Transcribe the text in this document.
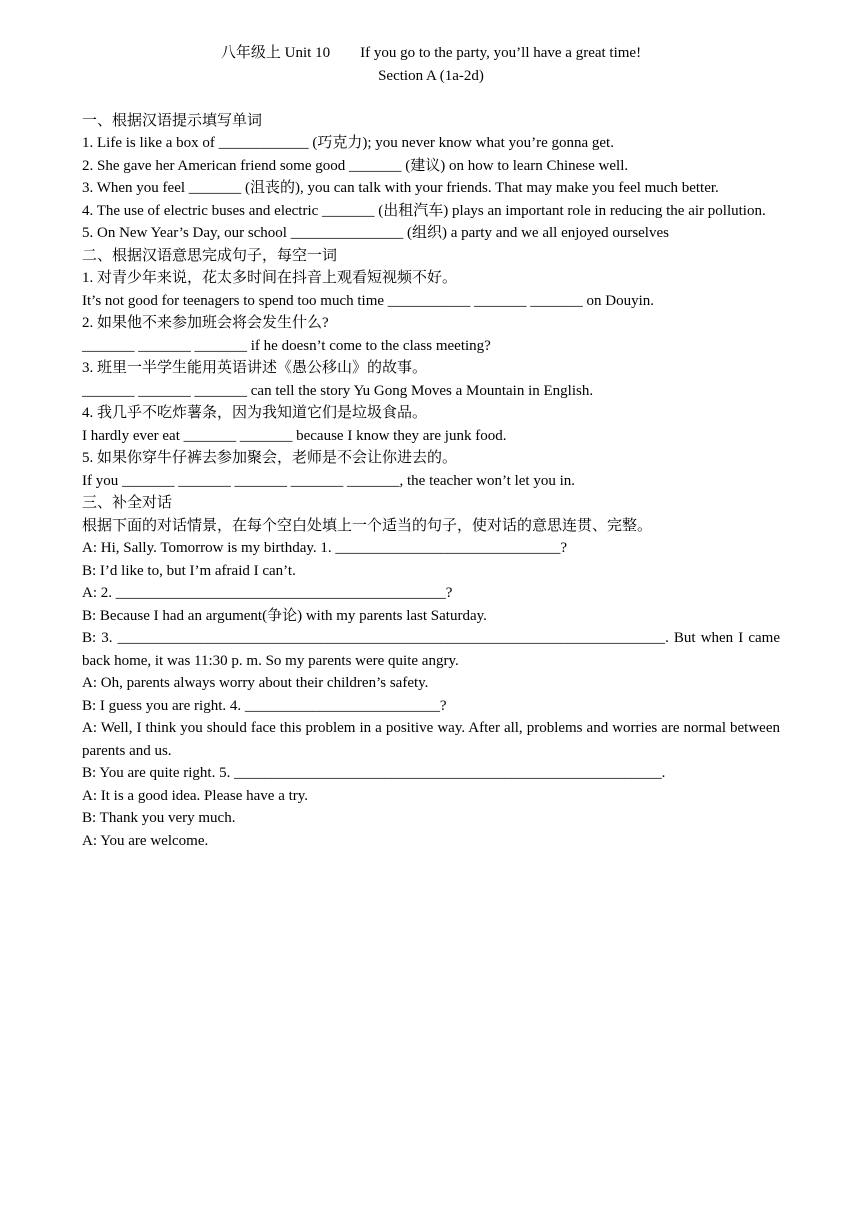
八年级上 Unit 10        If you go to the party, you’ll have a great time!
Section A (1a-2d)
一、根据汉语提示填写单词
1. Life is like a box of ____________ (巧克力); you never know what you’re gonna get.
2. She gave her American friend some good _______ (建议) on how to learn Chinese well.
3. When you feel _______ (沮丧的), you can talk with your friends. That may make you feel much better.
4. The use of electric buses and electric _______ (出租汽车) plays an important role in reducing the air pollution.
5. On New Year’s Day, our school _______________ (组织) a party and we all enjoyed ourselves
二、根据汉语意思完成句子，每空一词
1. 对青少年来说，花太多时间在抖音上观看短视频不好。
It’s not good for teenagers to spend too much time ___________ _______ _______ on Douyin.
2. 如果他不来参加班会将会发生什么?
_______ _______ _______ if he doesn’t come to the class meeting?
3. 班里一半学生能用英语讲述《愚公移山》的故事。
_______ _______ _______ can tell the story Yu Gong Moves a Mountain in English.
4. 我几乎不吃炸薯条，因为我知道它们是垃圾食品。
I hardly ever eat _______ _______ because I know they are junk food.
5. 如果你穿牛仔裤去参加聚会，老师是不会让你进去的。
If you _______ _______ _______ _______ _______, the teacher won’t let you in.
三、补全对话
根据下面的对话情景，在每个空白处填上一个适当的句子，使对话的意思连贯、完整。
A: Hi, Sally. Tomorrow is my birthday. 1. ______________________________?
B: I’d like to, but I’m afraid I can’t.
A: 2. ____________________________________________?
B: Because I had an argument(争论) with my parents last Saturday.
B: 3. _________________________________________________________________________. But when I came back home, it was 11:30 p. m. So my parents were quite angry.
A: Oh, parents always worry about their children’s safety.
B: I guess you are right. 4. __________________________?
A: Well, I think you should face this problem in a positive way. After all, problems and worries are normal between parents and us.
B: You are quite right. 5. _________________________________________________________.
A: It is a good idea. Please have a try.
B: Thank you very much.
A: You are welcome.
